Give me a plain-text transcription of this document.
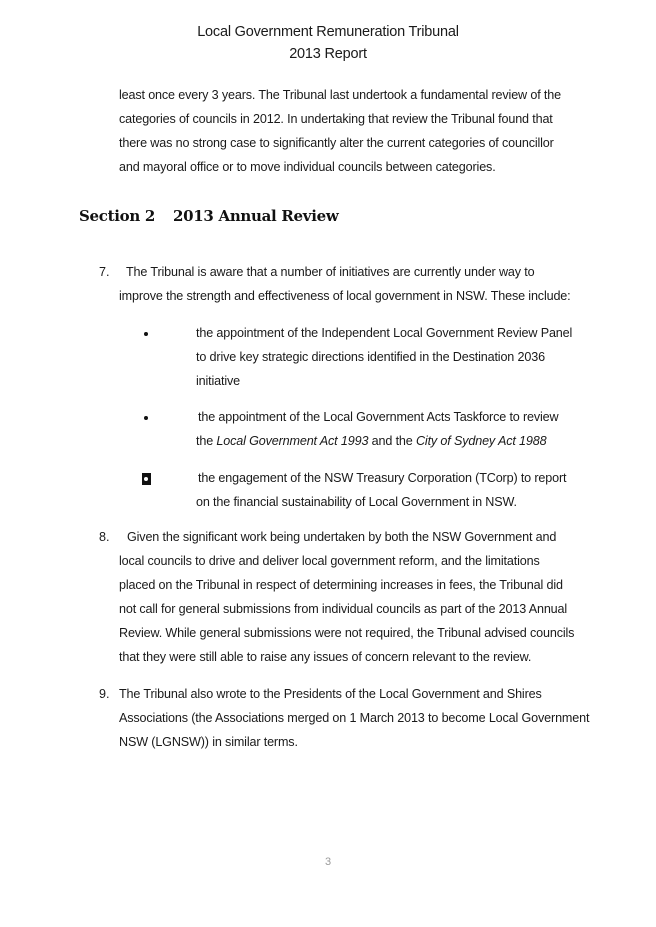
Local Government Remuneration Tribunal
2013 Report
least once every 3 years. The Tribunal last undertook a fundamental review of the
categories of councils in 2012. In undertaking that review the Tribunal found that
there was no strong case to significantly alter the current categories of councillor
and mayoral office or to move individual councils between categories.
Section 2 2013 Annual Review
7. The Tribunal is aware that a number of initiatives are currently under way to
improve the strength and effectiveness of local government in NSW. These include:
the appointment of the Independent Local Government Review Panel
to drive key strategic directions identified in the Destination 2036
initiative
the appointment of the Local Government Acts Taskforce to review
the Local Government Act 1993 and the City of Sydney Act 1988
the engagement of the NSW Treasury Corporation (TCorp) to report
on the financial sustainability of Local Government in NSW.
8. Given the significant work being undertaken by both the NSW Government and
local councils to drive and deliver local government reform, and the limitations
placed on the Tribunal in respect of determining increases in fees, the Tribunal did
not call for general submissions from individual councils as part of the 2013 Annual
Review. While general submissions were not required, the Tribunal advised councils
that they were still able to raise any issues of concern relevant to the review.
9. The Tribunal also wrote to the Presidents of the Local Government and Shires
Associations (the Associations merged on 1 March 2013 to become Local Government
NSW (LGNSW)) in similar terms.
3
